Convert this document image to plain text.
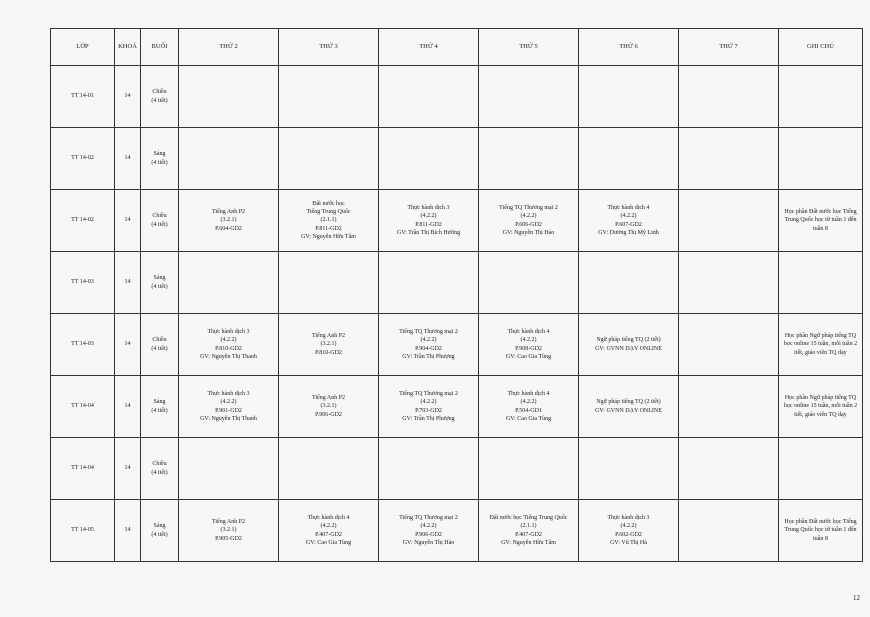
LỚP	KHOÁ	BUỔI	THỨ 2	THỨ 3	THỨ 4	THỨ 5	THỨ 6	THỨ 7	GHI CHÚ
TT 14-01	14	Chiều
(4 tiết)							

TT 14-02	14	Sáng
(4 tiết)							

TT 14-02	14	Chiều
(4 tiết)	Tiếng Anh P2
(3.2.1)
P.604-GD2	Đất nước học
Tiếng Trung Quốc
(2.1.1)
P.811-GD2
GV: Nguyễn Hữu Tâm	Thực hành dịch 3
(4.2.2)
P.811-GD2
GV: Trần Thị Bích Hường	Tiếng TQ Thương mại 2
(4.2.2)
P.606-GD2
GV: Nguyễn Thị Hảo	Thực hành dịch 4
(4.2.2)
P.607-GD2
GV: Dương Thị Mỹ Linh		Học phần Đất nước học Tiếng Trung Quốc học từ tuần 1 đến tuần 8

TT 14-03	14	Sáng
(4 tiết)							

TT 14-03	14	Chiều
(4 tiết)	Thực hành dịch 3
(4.2.2)
P.810-GD2
GV: Nguyễn Thị Thanh	Tiếng Anh P2
(3.2.1)
P.810-GD2	Tiếng TQ Thương mại 2
(4.2.2)
P.904-GD2
GV: Trần Thị Phượng	Thực hành dịch 4
(4.2.2)
P.908-GD2
GV: Cao Gia Tùng	Ngữ pháp tiếng TQ (2 tiết)
GV: GVNN DẠY ONLINE		Học phần Ngữ pháp tiếng TQ học online 15 tuần, mỗi tuần 2 tiết, giáo viên TQ dạy

TT 14-04	14	Sáng
(4 tiết)	Thực hành dịch 3
(4.2.2)
P.901-GD2
GV: Nguyễn Thị Thanh	Tiếng Anh P2
(3.2.1)
P.906-GD2	Tiếng TQ Thương mại 2
(4.2.2)
P.703-GD2
GV: Trần Thị Phượng	Thực hành dịch 4
(4.2.2)
P.504-GD1
GV: Cao Gia Tùng	Ngữ pháp tiếng TQ (2 tiết)
GV: GVNN DẠY ONLINE		Học phần Ngữ pháp tiếng TQ học online 15 tuần, mỗi tuần 2 tiết, giáo viên TQ dạy

TT 14-04	14	Chiều
(4 tiết)							

TT 14-05	14	Sáng
(4 tiết)	Tiếng Anh P2
(3.2.1)
P.905-GD2	Thực hành dịch 4
(4.2.2)
P.407-GD2
GV: Cao Gia Tùng	Tiếng TQ Thương mại 2
(4.2.2)
P.906-GD2
GV: Nguyễn Thị Hảo	Đất nước học Tiếng Trung Quốc
(2.1.1)
P.407-GD2
GV: Nguyễn Hữu Tâm	Thực hành dịch 3
(4.2.2)
P.602-GD2
GV: Vũ Thị Hà		Học phần Đất nước học Tiếng Trung Quốc học từ tuần 1 đến tuần 8
12
